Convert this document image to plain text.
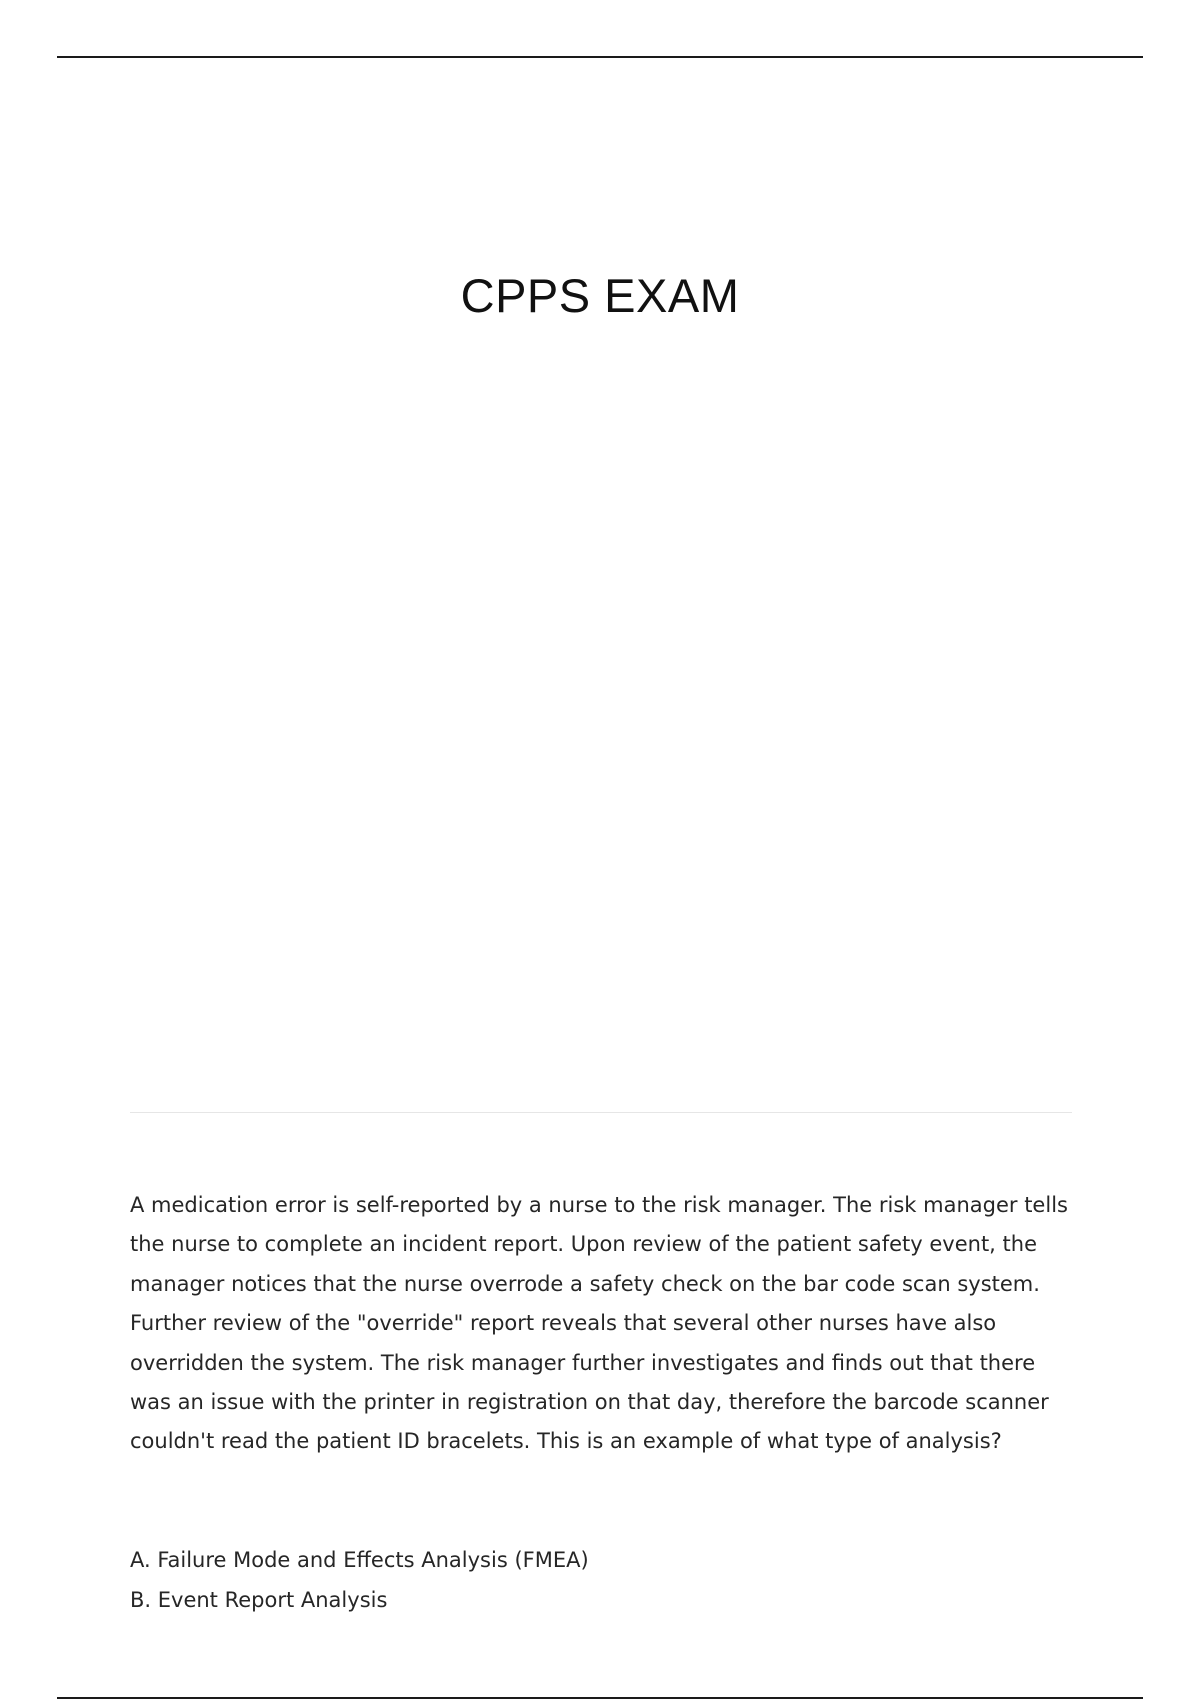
CPPS EXAM

A medication error is self-reported by a nurse to the risk manager. The risk manager tells the nurse to complete an incident report. Upon review of the patient safety event, the manager notices that the nurse overrode a safety check on the bar code scan system. Further review of the "override" report reveals that several other nurses have also overridden the system. The risk manager further investigates and finds out that there was an issue with the printer in registration on that day, therefore the barcode scanner couldn't read the patient ID bracelets. This is an example of what type of analysis?

A. Failure Mode and Effects Analysis (FMEA)
B. Event Report Analysis
